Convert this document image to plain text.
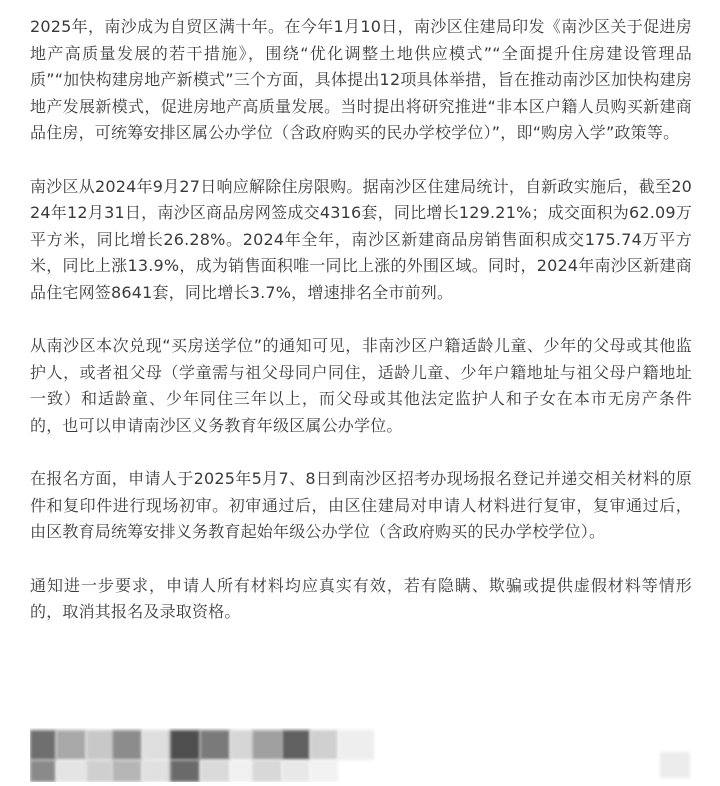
2025年，南沙成为自贸区满十年。在今年1月10日，南沙区住建局印发《南沙区关于促进房地产高质量发展的若干措施》，围绕“优化调整土地供应模式”“全面提升住房建设管理品质”“加快构建房地产新模式”三个方面，具体提出12项具体举措，旨在推动南沙区加快构建房地产发展新模式，促进房地产高质量发展。当时提出将研究推进“非本区户籍人员购买新建商品住房，可统筹安排区属公办学位（含政府购买的民办学校学位）”，即“购房入学”政策等。

南沙区从2024年9月27日响应解除住房限购。据南沙区住建局统计，自新政实施后，截至2024年12月31日，南沙区商品房网签成交4316套，同比增长129.21%；成交面积为62.09万平方米，同比增长26.28%。2024年全年，南沙区新建商品房销售面积成交175.74万平方米，同比上涨13.9%，成为销售面积唯一同比上涨的外围区域。同时，2024年南沙区新建商品住宅网签8641套，同比增长3.7%，增速排名全市前列。

从南沙区本次兑现“买房送学位”的通知可见，非南沙区户籍适龄儿童、少年的父母或其他监护人，或者祖父母（学童需与祖父母同户同住，适龄儿童、少年户籍地址与祖父母户籍地址一致）和适龄童、少年同住三年以上，而父母或其他法定监护人和子女在本市无房产条件的，也可以申请南沙区义务教育年级区属公办学位。

在报名方面，申请人于2025年5月7、8日到南沙区招考办现场报名登记并递交相关材料的原件和复印件进行现场初审。初审通过后，由区住建局对申请人材料进行复审，复审通过后，由区教育局统筹安排义务教育起始年级公办学位（含政府购买的民办学校学位）。

通知进一步要求，申请人所有材料均应真实有效，若有隐瞒、欺骗或提供虚假材料等情形的，取消其报名及录取资格。
